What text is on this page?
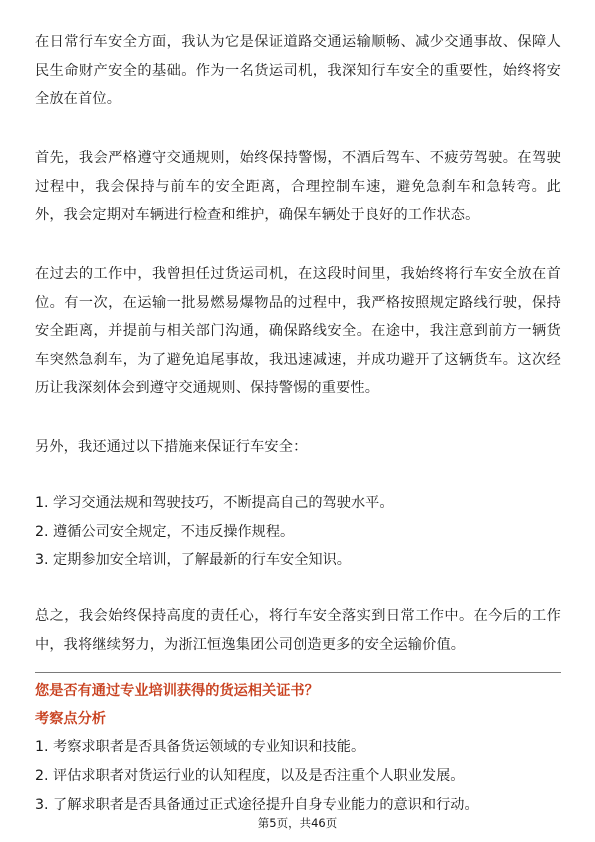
在日常行车安全方面，我认为它是保证道路交通运输顺畅、减少交通事故、保障人民生命财产安全的基础。作为一名货运司机，我深知行车安全的重要性，始终将安全放在首位。

首先，我会严格遵守交通规则，始终保持警惕，不酒后驾车、不疲劳驾驶。在驾驶过程中，我会保持与前车的安全距离，合理控制车速，避免急刹车和急转弯。此外，我会定期对车辆进行检查和维护，确保车辆处于良好的工作状态。

在过去的工作中，我曾担任过货运司机，在这段时间里，我始终将行车安全放在首位。有一次，在运输一批易燃易爆物品的过程中，我严格按照规定路线行驶，保持安全距离，并提前与相关部门沟通，确保路线安全。在途中，我注意到前方一辆货车突然急刹车，为了避免追尾事故，我迅速减速，并成功避开了这辆货车。这次经历让我深刻体会到遵守交通规则、保持警惕的重要性。

另外，我还通过以下措施来保证行车安全：

1. 学习交通法规和驾驶技巧，不断提高自己的驾驶水平。
2. 遵循公司安全规定，不违反操作规程。
3. 定期参加安全培训，了解最新的行车安全知识。

总之，我会始终保持高度的责任心，将行车安全落实到日常工作中。在今后的工作中，我将继续努力，为浙江恒逸集团公司创造更多的安全运输价值。

您是否有通过专业培训获得的货运相关证书？

考察点分析

1. 考察求职者是否具备货运领域的专业知识和技能。
2. 评估求职者对货运行业的认知程度，以及是否注重个人职业发展。
3. 了解求职者是否具备通过正式途径提升自身专业能力的意识和行动。
第5页，共46页
